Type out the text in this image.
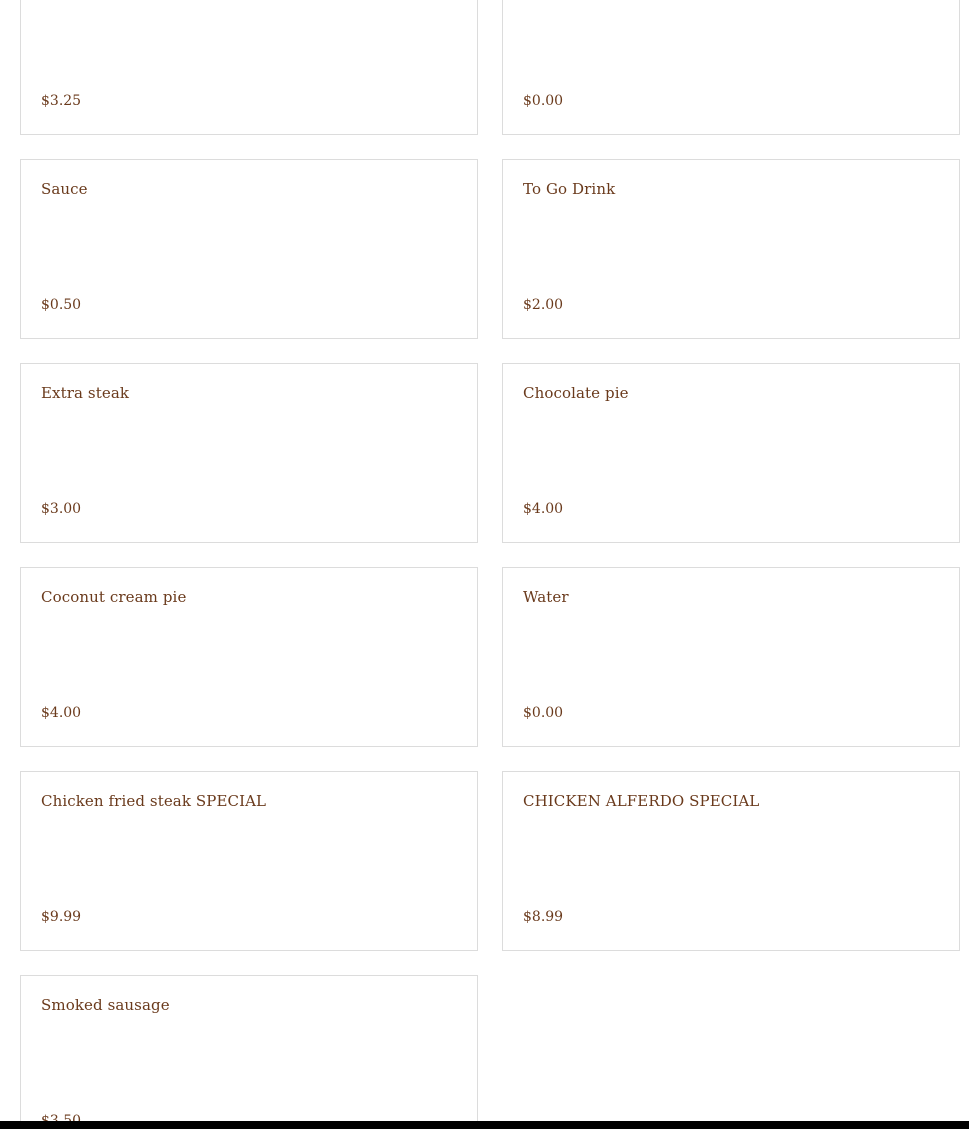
$3.25	$0.00
Sauce
$0.50
To Go Drink
$2.00
Extra steak
$3.00
Chocolate pie
$4.00
Coconut cream pie
$4.00
Water
$0.00
Chicken fried steak SPECIAL
$9.99
CHICKEN ALFERDO SPECIAL
$8.99
Smoked sausage
